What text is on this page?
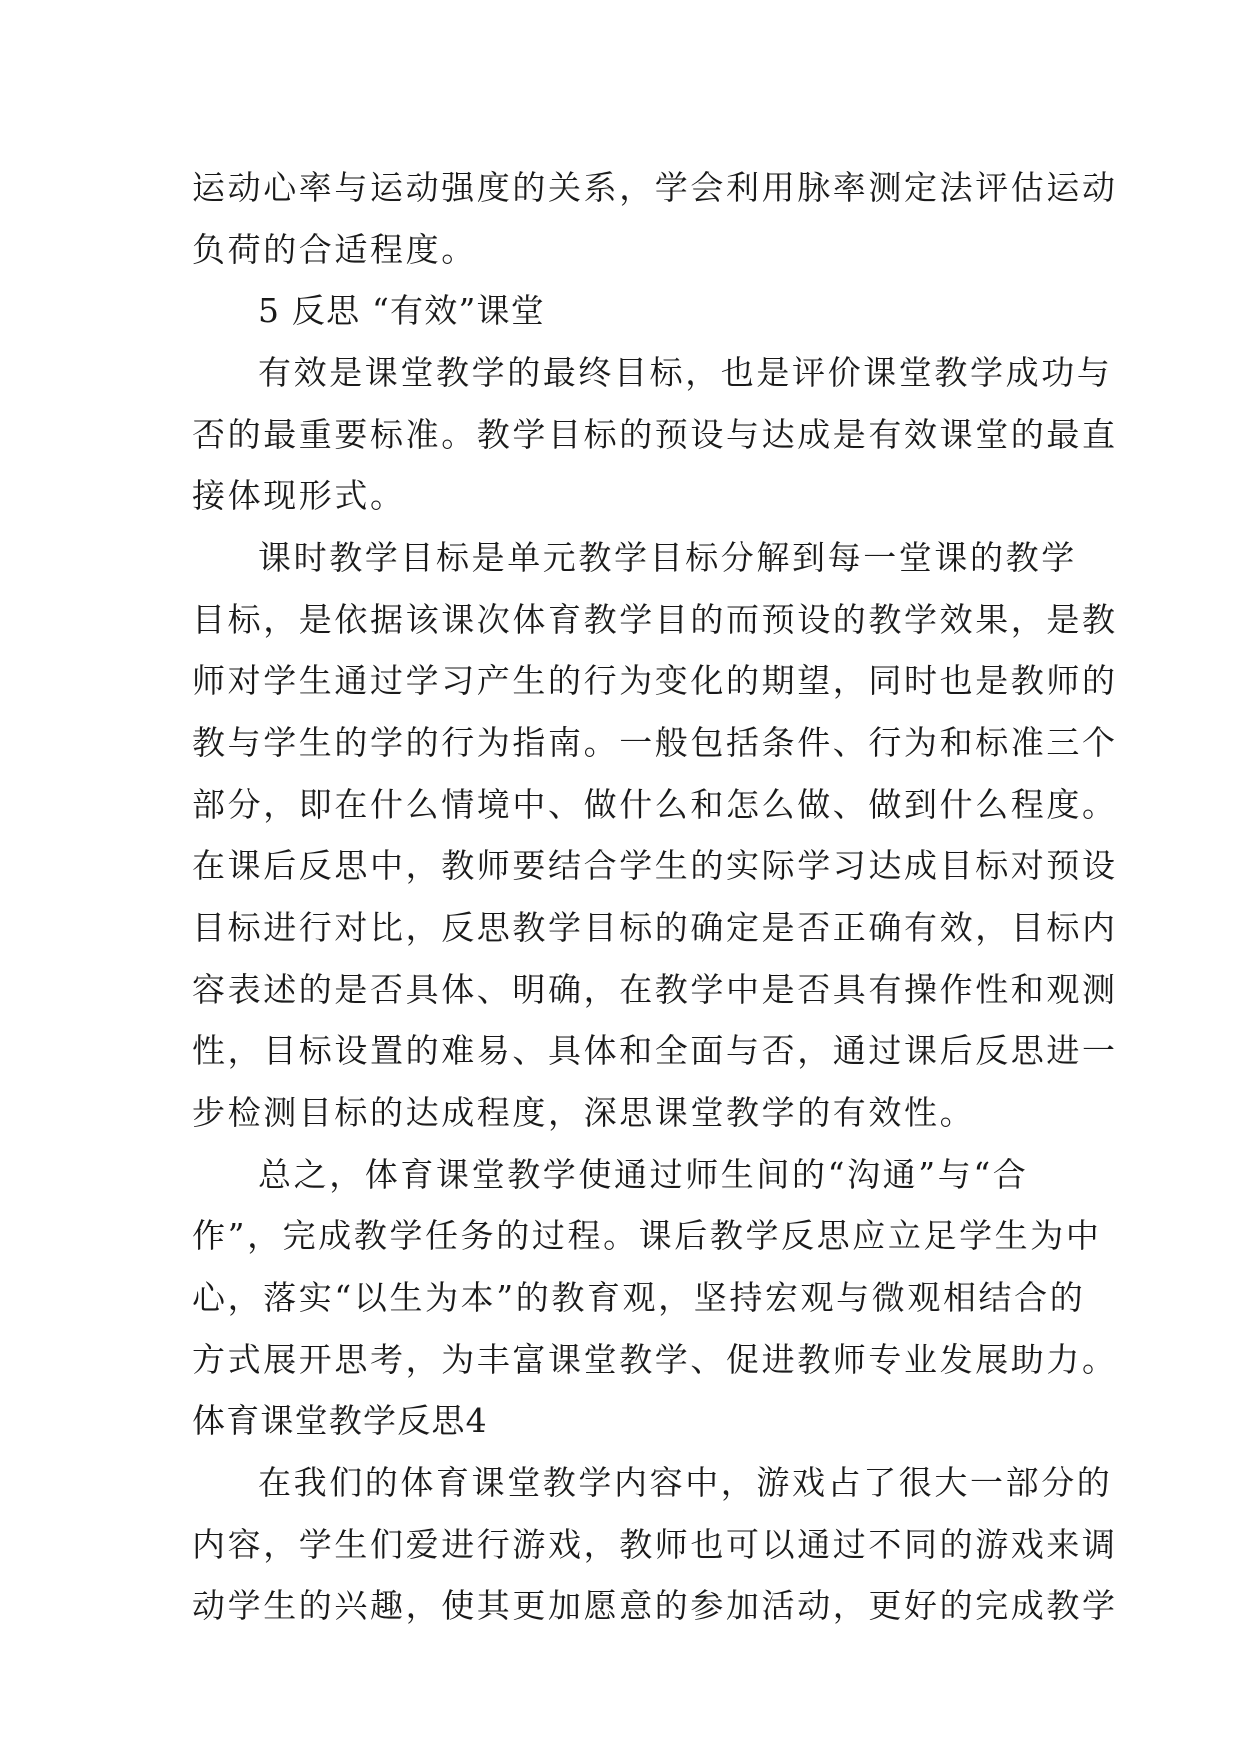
运动心率与运动强度的关系，学会利用脉率测定法评估运动
负荷的合适程度。
5 反思 “有效”课堂
有效是课堂教学的最终目标，也是评价课堂教学成功与
否的最重要标准。教学目标的预设与达成是有效课堂的最直
接体现形式。
课时教学目标是单元教学目标分解到每一堂课的教学
目标，是依据该课次体育教学目的而预设的教学效果，是教
师对学生通过学习产生的行为变化的期望，同时也是教师的
教与学生的学的行为指南。一般包括条件、行为和标准三个
部分，即在什么情境中、做什么和怎么做、做到什么程度。
在课后反思中，教师要结合学生的实际学习达成目标对预设
目标进行对比，反思教学目标的确定是否正确有效，目标内
容表述的是否具体、明确，在教学中是否具有操作性和观测
性，目标设置的难易、具体和全面与否，通过课后反思进一
步检测目标的达成程度，深思课堂教学的有效性。
总之，体育课堂教学使通过师生间的“沟通”与“合
作”，完成教学任务的过程。课后教学反思应立足学生为中
心，落实“以生为本”的教育观，坚持宏观与微观相结合的
方式展开思考，为丰富课堂教学、促进教师专业发展助力。
体育课堂教学反思4
在我们的体育课堂教学内容中，游戏占了很大一部分的
内容，学生们爱进行游戏，教师也可以通过不同的游戏来调
动学生的兴趣，使其更加愿意的参加活动，更好的完成教学
